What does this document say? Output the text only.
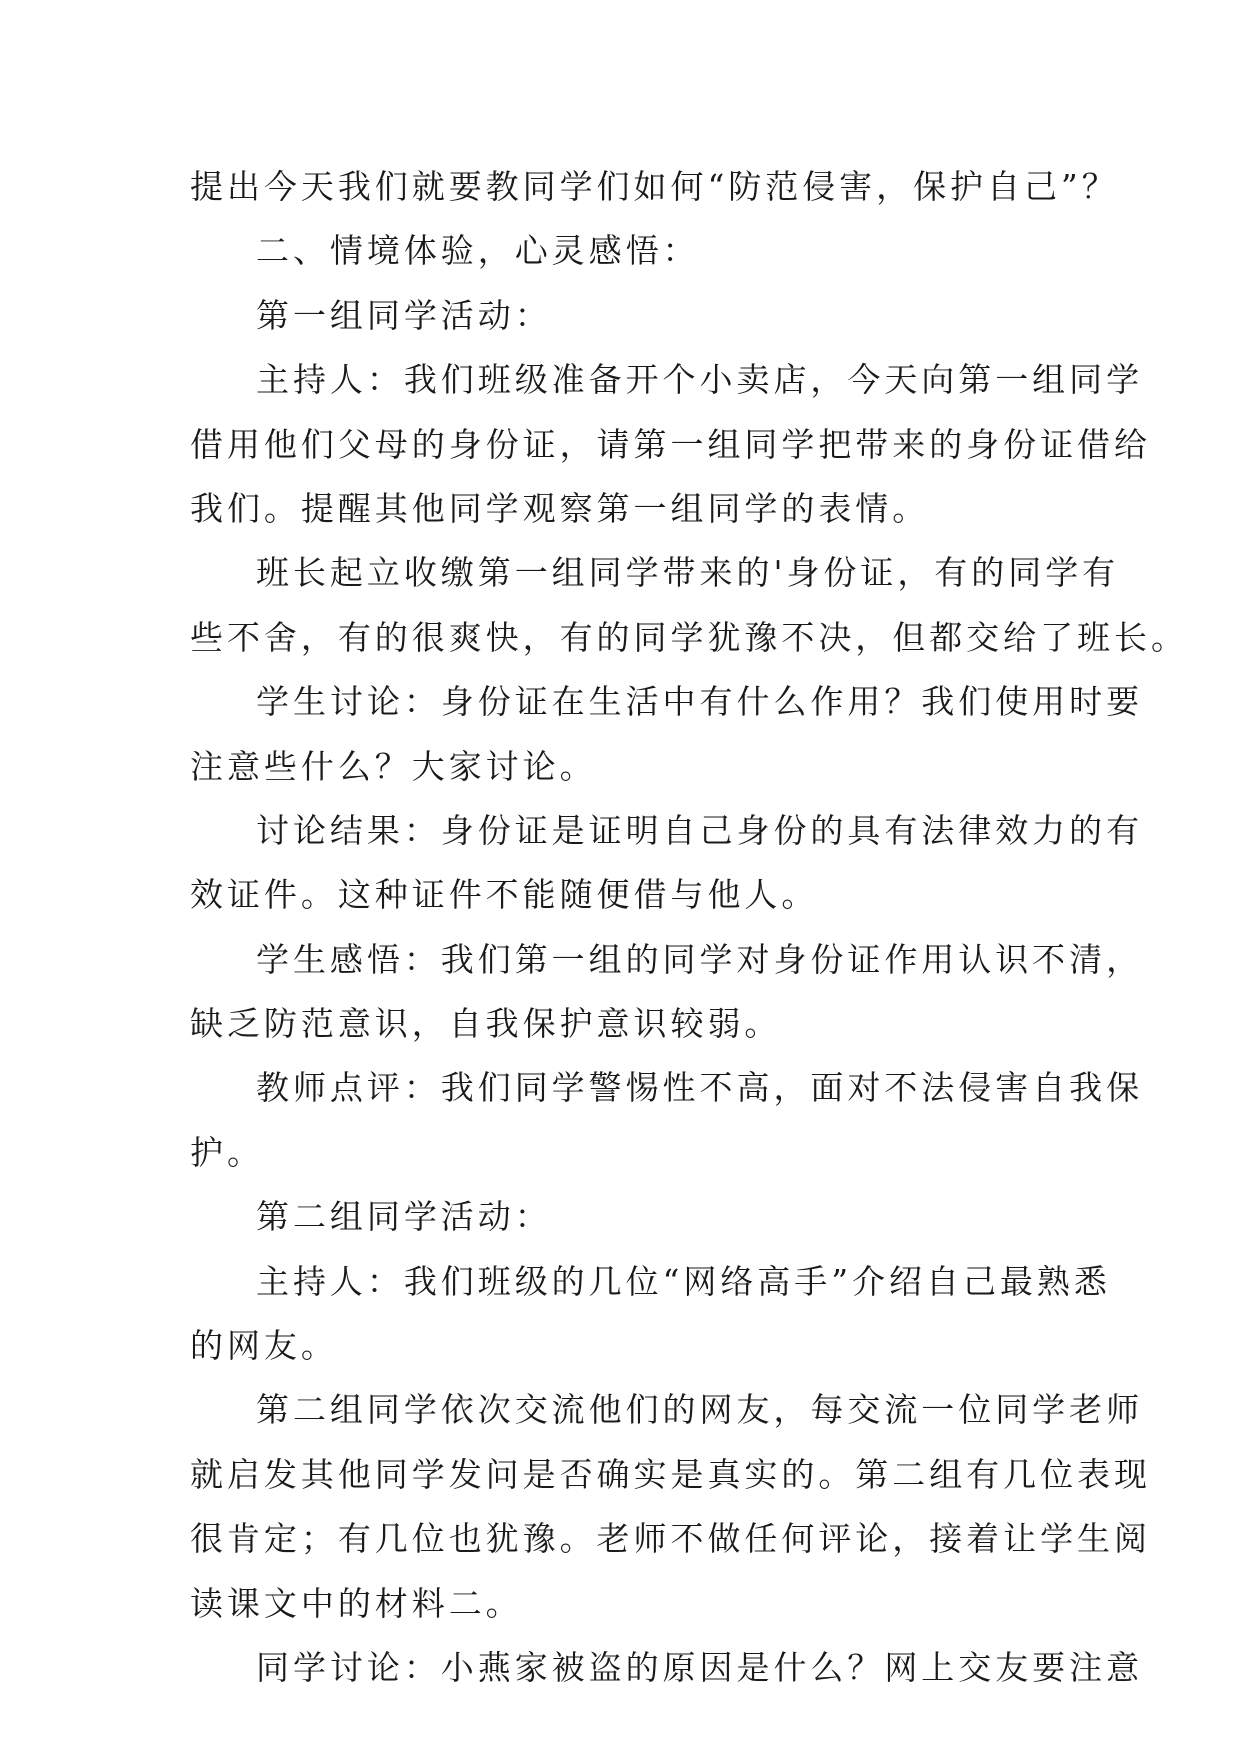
提出今天我们就要教同学们如何“防范侵害，保护自己”？
二、情境体验，心灵感悟：
第一组同学活动：
主持人：我们班级准备开个小卖店，今天向第一组同学
借用他们父母的身份证，请第一组同学把带来的身份证借给
我们。提醒其他同学观察第一组同学的表情。
班长起立收缴第一组同学带来的'身份证，有的同学有
些不舍，有的很爽快，有的同学犹豫不决，但都交给了班长。
学生讨论：身份证在生活中有什么作用？我们使用时要
注意些什么？大家讨论。
讨论结果：身份证是证明自己身份的具有法律效力的有
效证件。这种证件不能随便借与他人。
学生感悟：我们第一组的同学对身份证作用认识不清，
缺乏防范意识，自我保护意识较弱。
教师点评：我们同学警惕性不高，面对不法侵害自我保
护。
第二组同学活动：
主持人：我们班级的几位“网络高手”介绍自己最熟悉
的网友。
第二组同学依次交流他们的网友，每交流一位同学老师
就启发其他同学发问是否确实是真实的。第二组有几位表现
很肯定；有几位也犹豫。老师不做任何评论，接着让学生阅
读课文中的材料二。
同学讨论：小燕家被盗的原因是什么？网上交友要注意
